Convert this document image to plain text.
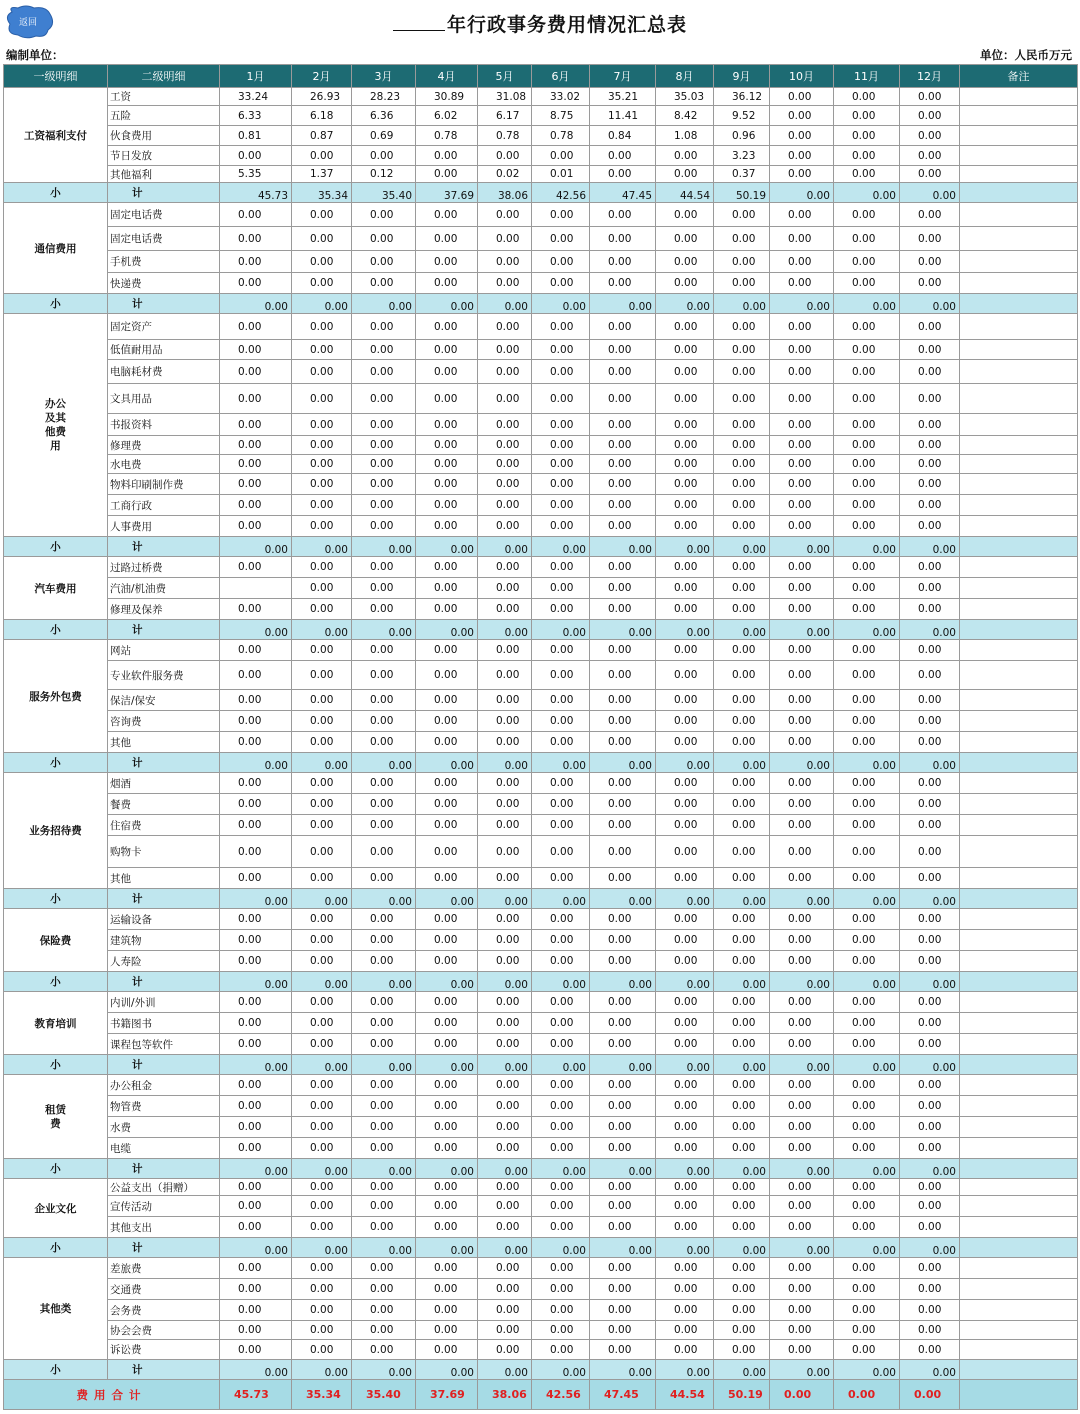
返回	年行政事务费用情况汇总表
编制单位：	单位：人民币万元
一级明细	二级明细	1月	2月	3月	4月	5月	6月	7月	8月	9月	10月	11月	12月	备注
工资福利支付	工资	33.24	26.93	28.23	30.89	31.08	33.02	35.21	35.03	36.12	0.00	0.00	0.00	
	五险	6.33	6.18	6.36	6.02	6.17	8.75	11.41	8.42	9.52	0.00	0.00	0.00	
	伙食费用	0.81	0.87	0.69	0.78	0.78	0.78	0.84	1.08	0.96	0.00	0.00	0.00	
	节日发放	0.00	0.00	0.00	0.00	0.00	0.00	0.00	0.00	3.23	0.00	0.00	0.00	
	其他福利	5.35	1.37	0.12	0.00	0.02	0.01	0.00	0.00	0.37	0.00	0.00	0.00	
小	计	45.73	35.34	35.40	37.69	38.06	42.56	47.45	44.54	50.19	0.00	0.00	0.00	
通信费用	固定电话费	0.00	0.00	0.00	0.00	0.00	0.00	0.00	0.00	0.00	0.00	0.00	0.00	
	固定电话费	0.00	0.00	0.00	0.00	0.00	0.00	0.00	0.00	0.00	0.00	0.00	0.00	
	手机费	0.00	0.00	0.00	0.00	0.00	0.00	0.00	0.00	0.00	0.00	0.00	0.00	
	快递费	0.00	0.00	0.00	0.00	0.00	0.00	0.00	0.00	0.00	0.00	0.00	0.00	
小	计	0.00	0.00	0.00	0.00	0.00	0.00	0.00	0.00	0.00	0.00	0.00	0.00	
办公及其他费用	固定资产	0.00	0.00	0.00	0.00	0.00	0.00	0.00	0.00	0.00	0.00	0.00	0.00	
	低值耐用品	0.00	0.00	0.00	0.00	0.00	0.00	0.00	0.00	0.00	0.00	0.00	0.00	
	电脑耗材费	0.00	0.00	0.00	0.00	0.00	0.00	0.00	0.00	0.00	0.00	0.00	0.00	
	文具用品	0.00	0.00	0.00	0.00	0.00	0.00	0.00	0.00	0.00	0.00	0.00	0.00	
	书报资料	0.00	0.00	0.00	0.00	0.00	0.00	0.00	0.00	0.00	0.00	0.00	0.00	
	修理费	0.00	0.00	0.00	0.00	0.00	0.00	0.00	0.00	0.00	0.00	0.00	0.00	
	水电费	0.00	0.00	0.00	0.00	0.00	0.00	0.00	0.00	0.00	0.00	0.00	0.00	
	物料印刷制作费	0.00	0.00	0.00	0.00	0.00	0.00	0.00	0.00	0.00	0.00	0.00	0.00	
	工商行政	0.00	0.00	0.00	0.00	0.00	0.00	0.00	0.00	0.00	0.00	0.00	0.00	
	人事费用	0.00	0.00	0.00	0.00	0.00	0.00	0.00	0.00	0.00	0.00	0.00	0.00	
小	计	0.00	0.00	0.00	0.00	0.00	0.00	0.00	0.00	0.00	0.00	0.00	0.00	
汽车费用	过路过桥费	0.00	0.00	0.00	0.00	0.00	0.00	0.00	0.00	0.00	0.00	0.00	0.00	
	汽油/机油费		0.00	0.00	0.00	0.00	0.00	0.00	0.00	0.00	0.00	0.00	0.00	
	修理及保养	0.00	0.00	0.00	0.00	0.00	0.00	0.00	0.00	0.00	0.00	0.00	0.00	
小	计	0.00	0.00	0.00	0.00	0.00	0.00	0.00	0.00	0.00	0.00	0.00	0.00	
服务外包费	网站	0.00	0.00	0.00	0.00	0.00	0.00	0.00	0.00	0.00	0.00	0.00	0.00	
	专业软件服务费	0.00	0.00	0.00	0.00	0.00	0.00	0.00	0.00	0.00	0.00	0.00	0.00	
	保洁/保安	0.00	0.00	0.00	0.00	0.00	0.00	0.00	0.00	0.00	0.00	0.00	0.00	
	咨询费	0.00	0.00	0.00	0.00	0.00	0.00	0.00	0.00	0.00	0.00	0.00	0.00	
	其他	0.00	0.00	0.00	0.00	0.00	0.00	0.00	0.00	0.00	0.00	0.00	0.00	
小	计	0.00	0.00	0.00	0.00	0.00	0.00	0.00	0.00	0.00	0.00	0.00	0.00	
业务招待费	烟酒	0.00	0.00	0.00	0.00	0.00	0.00	0.00	0.00	0.00	0.00	0.00	0.00	
	餐费	0.00	0.00	0.00	0.00	0.00	0.00	0.00	0.00	0.00	0.00	0.00	0.00	
	住宿费	0.00	0.00	0.00	0.00	0.00	0.00	0.00	0.00	0.00	0.00	0.00	0.00	
	购物卡	0.00	0.00	0.00	0.00	0.00	0.00	0.00	0.00	0.00	0.00	0.00	0.00	
	其他	0.00	0.00	0.00	0.00	0.00	0.00	0.00	0.00	0.00	0.00	0.00	0.00	
小	计	0.00	0.00	0.00	0.00	0.00	0.00	0.00	0.00	0.00	0.00	0.00	0.00	
保险费	运输设备	0.00	0.00	0.00	0.00	0.00	0.00	0.00	0.00	0.00	0.00	0.00	0.00	
	建筑物	0.00	0.00	0.00	0.00	0.00	0.00	0.00	0.00	0.00	0.00	0.00	0.00	
	人寿险	0.00	0.00	0.00	0.00	0.00	0.00	0.00	0.00	0.00	0.00	0.00	0.00	
小	计	0.00	0.00	0.00	0.00	0.00	0.00	0.00	0.00	0.00	0.00	0.00	0.00	
教育培训	内训/外训	0.00	0.00	0.00	0.00	0.00	0.00	0.00	0.00	0.00	0.00	0.00	0.00	
	书籍图书	0.00	0.00	0.00	0.00	0.00	0.00	0.00	0.00	0.00	0.00	0.00	0.00	
	课程包等软件	0.00	0.00	0.00	0.00	0.00	0.00	0.00	0.00	0.00	0.00	0.00	0.00	
小	计	0.00	0.00	0.00	0.00	0.00	0.00	0.00	0.00	0.00	0.00	0.00	0.00	
租赁费	办公租金	0.00	0.00	0.00	0.00	0.00	0.00	0.00	0.00	0.00	0.00	0.00	0.00	
	物管费	0.00	0.00	0.00	0.00	0.00	0.00	0.00	0.00	0.00	0.00	0.00	0.00	
	水费	0.00	0.00	0.00	0.00	0.00	0.00	0.00	0.00	0.00	0.00	0.00	0.00	
	电缆	0.00	0.00	0.00	0.00	0.00	0.00	0.00	0.00	0.00	0.00	0.00	0.00	
小	计	0.00	0.00	0.00	0.00	0.00	0.00	0.00	0.00	0.00	0.00	0.00	0.00	
企业文化	公益支出（捐赠）	0.00	0.00	0.00	0.00	0.00	0.00	0.00	0.00	0.00	0.00	0.00	0.00	
	宣传活动	0.00	0.00	0.00	0.00	0.00	0.00	0.00	0.00	0.00	0.00	0.00	0.00	
	其他支出	0.00	0.00	0.00	0.00	0.00	0.00	0.00	0.00	0.00	0.00	0.00	0.00	
小	计	0.00	0.00	0.00	0.00	0.00	0.00	0.00	0.00	0.00	0.00	0.00	0.00	
其他类	差旅费	0.00	0.00	0.00	0.00	0.00	0.00	0.00	0.00	0.00	0.00	0.00	0.00	
	交通费	0.00	0.00	0.00	0.00	0.00	0.00	0.00	0.00	0.00	0.00	0.00	0.00	
	会务费	0.00	0.00	0.00	0.00	0.00	0.00	0.00	0.00	0.00	0.00	0.00	0.00	
	协会会费	0.00	0.00	0.00	0.00	0.00	0.00	0.00	0.00	0.00	0.00	0.00	0.00	
	诉讼费	0.00	0.00	0.00	0.00	0.00	0.00	0.00	0.00	0.00	0.00	0.00	0.00	
小	计	0.00	0.00	0.00	0.00	0.00	0.00	0.00	0.00	0.00	0.00	0.00	0.00	
费用合计		45.73	35.34	35.40	37.69	38.06	42.56	47.45	44.54	50.19	0.00	0.00	0.00	
